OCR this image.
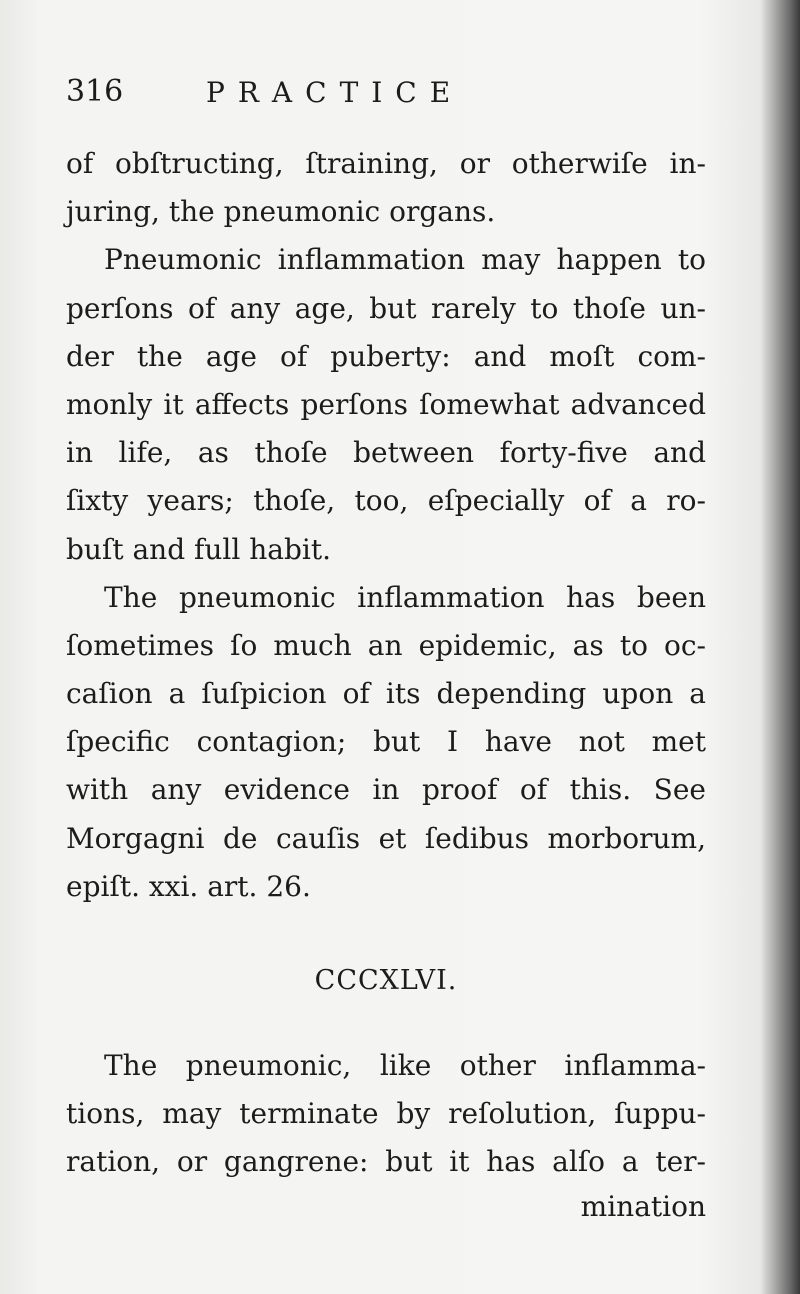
316	PRACTICE
of obſtructing, ſtraining, or otherwiſe in-
juring, the pneumonic organs.
Pneumonic inflammation may happen to
perſons of any age, but rarely to thoſe un-
der the age of puberty: and moſt com-
monly it affects perſons ſomewhat advanced
in life, as thoſe between forty-five and
ſixty years; thoſe, too, eſpecially of a ro-
buſt and full habit.
The pneumonic inflammation has been
ſometimes ſo much an epidemic, as to oc-
caſion a ſuſpicion of its depending upon a
ſpecific contagion; but I have not met
with any evidence in proof of this. See
Morgagni de cauſis et ſedibus morborum,
epiſt. xxi. art. 26.
CCCXLVI.
The pneumonic, like other inflamma-
tions, may terminate by reſolution, ſuppu-
ration, or gangrene: but it has alſo a ter-
mination
